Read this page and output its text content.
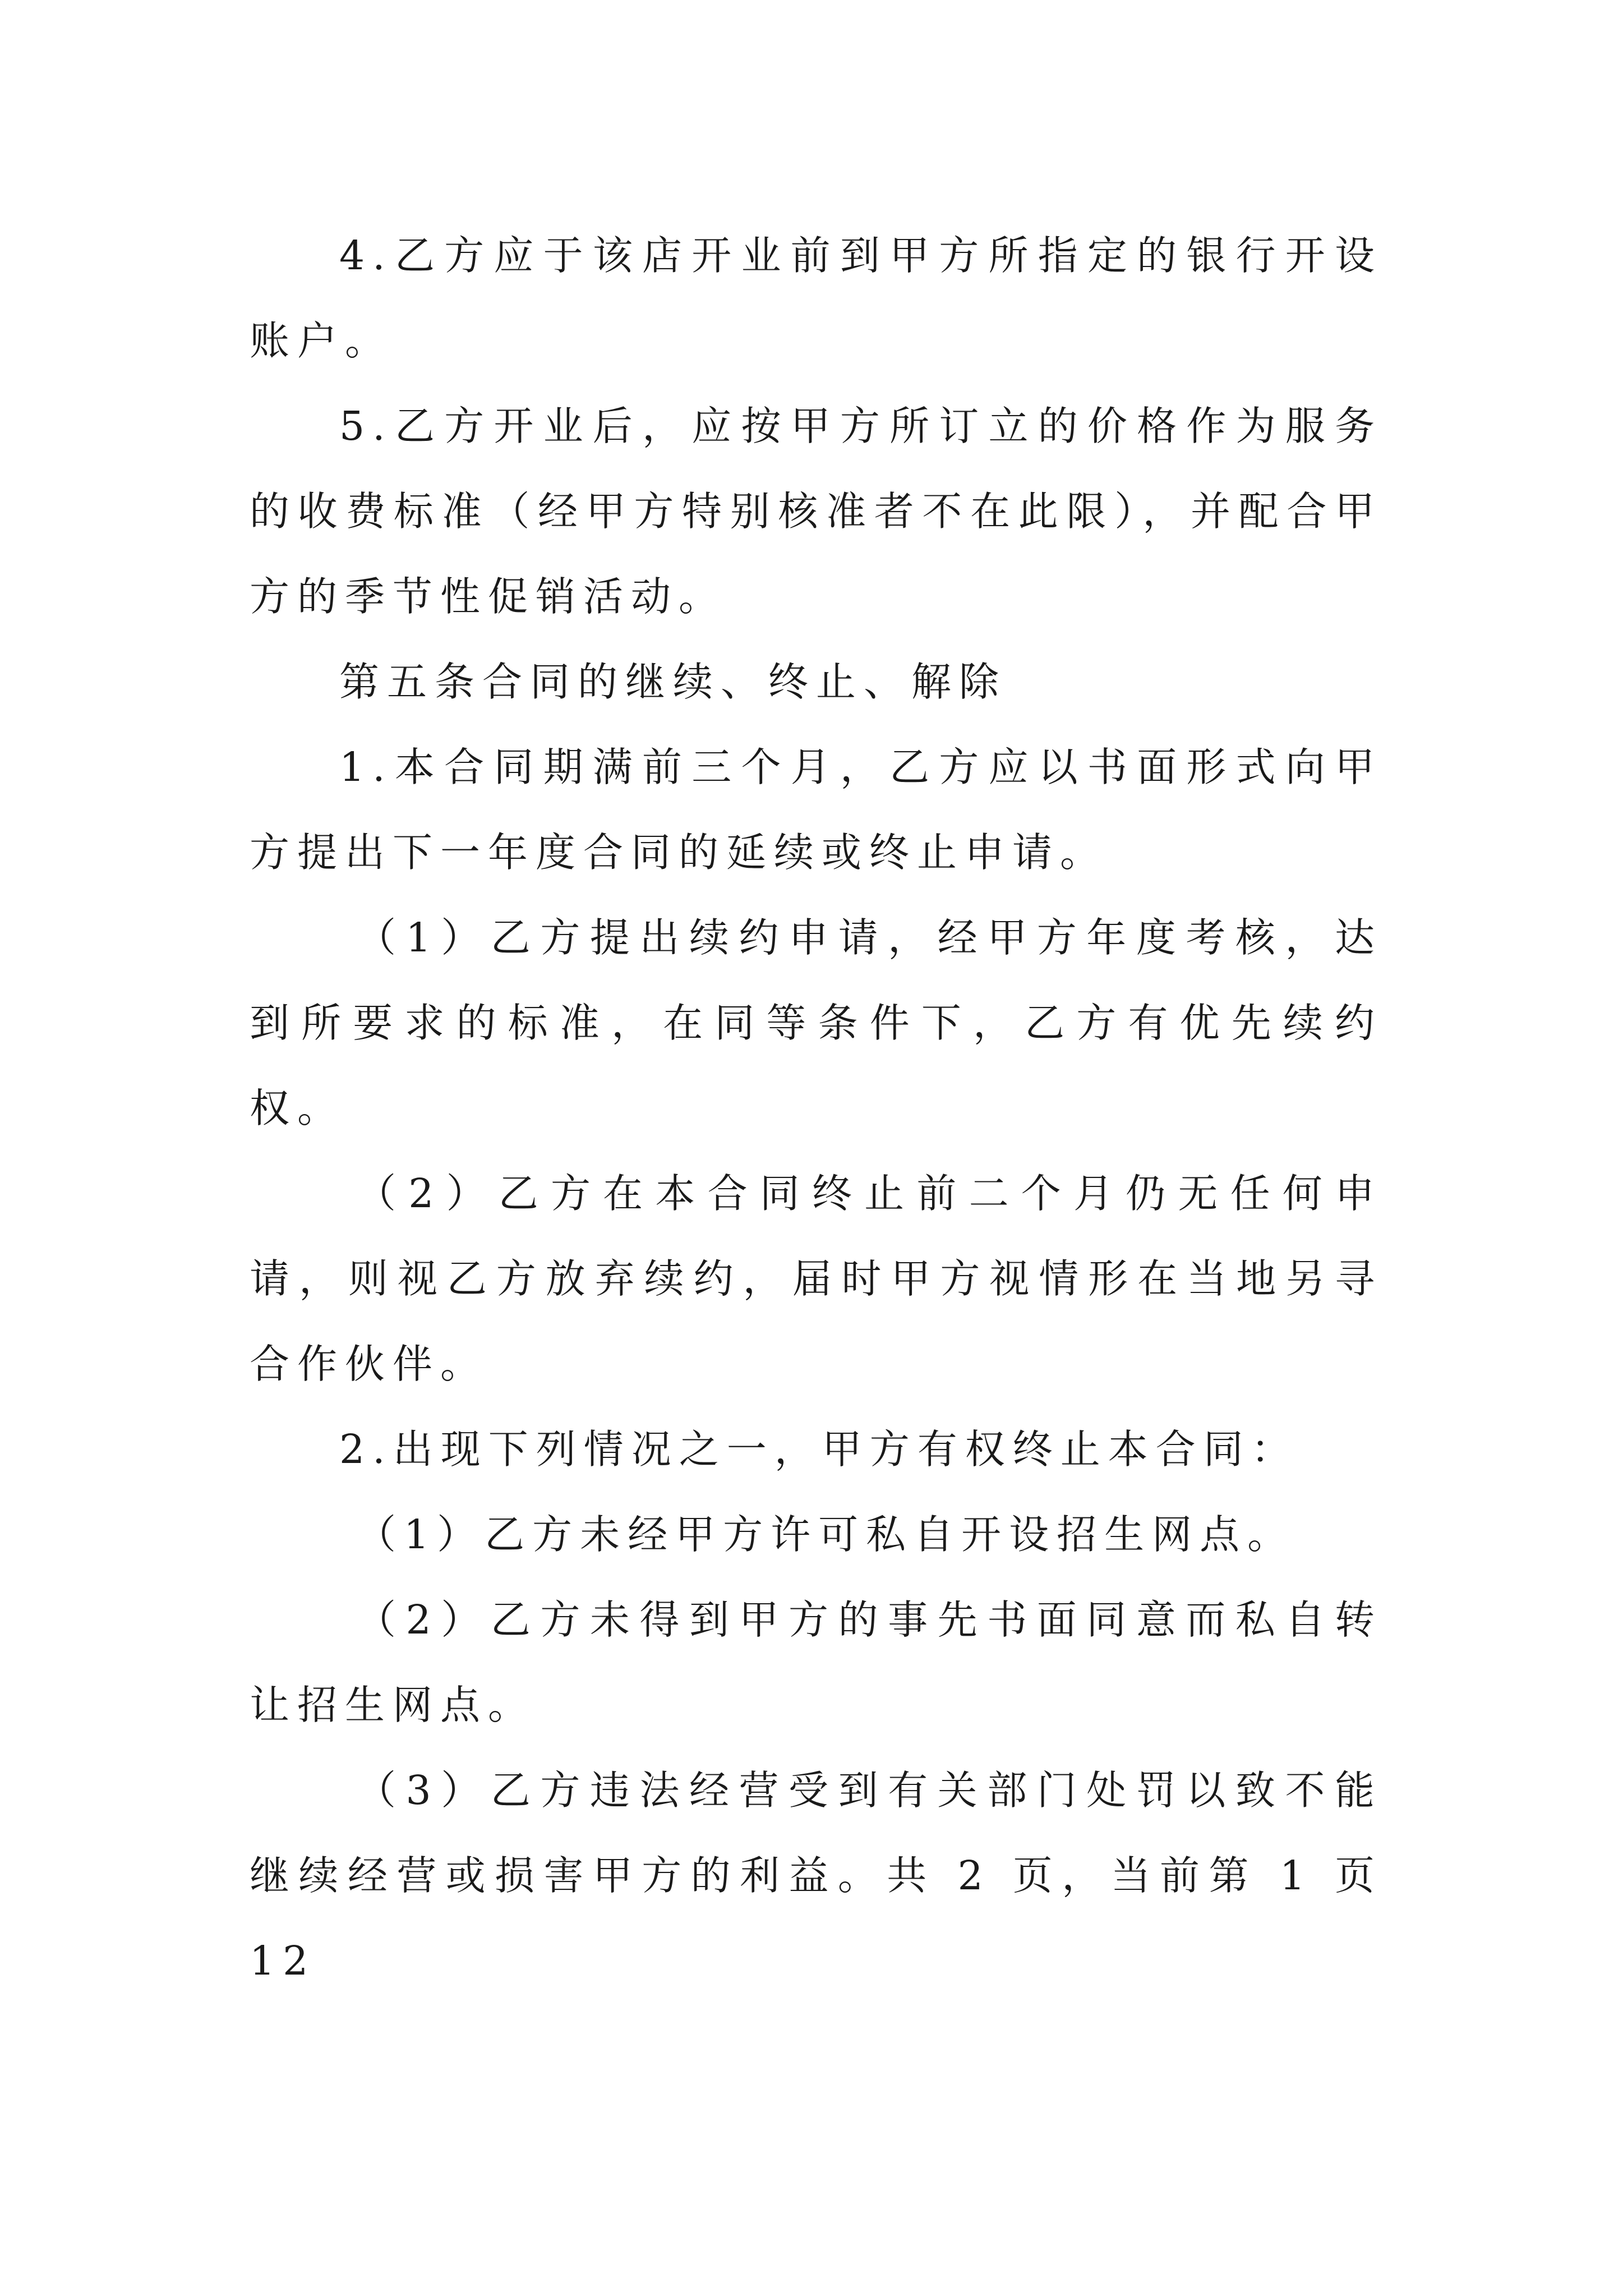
4.乙方应于该店开业前到甲方所指定的银行开设账户。

5.乙方开业后，应按甲方所订立的价格作为服务的收费标准（经甲方特别核准者不在此限），并配合甲方的季节性促销活动。

第五条合同的继续、终止、解除

1.本合同期满前三个月，乙方应以书面形式向甲方提出下一年度合同的延续或终止申请。

（1）乙方提出续约申请，经甲方年度考核，达到所要求的标准，在同等条件下，乙方有优先续约权。

（2）乙方在本合同终止前二个月仍无任何申请，则视乙方放弃续约，届时甲方视情形在当地另寻合作伙伴。

2.出现下列情况之一，甲方有权终止本合同：

（1）乙方未经甲方许可私自开设招生网点。

（2）乙方未得到甲方的事先书面同意而私自转让招生网点。

（3）乙方违法经营受到有关部门处罚以致不能继续经营或损害甲方的利益。共 2 页，当前第 1 页 12
